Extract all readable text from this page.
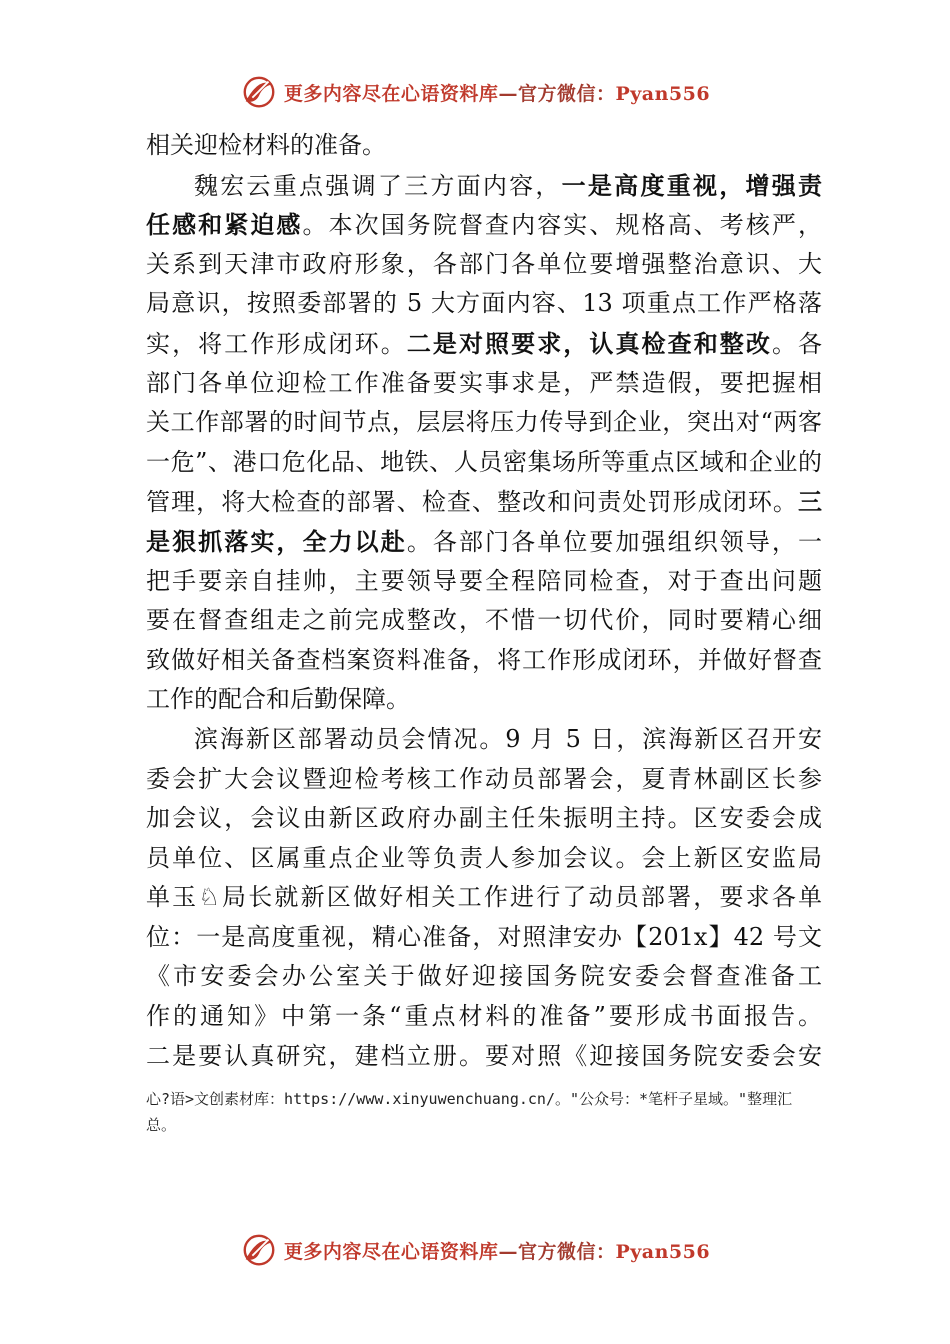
更多内容尽在心语资料库—官方微信：Pyan556
相关迎检材料的准备。
魏宏云重点强调了三方面内容，一是高度重视，增强责
任感和紧迫感。本次国务院督查内容实、规格高、考核严，
关系到天津市政府形象，各部门各单位要增强整治意识、大
局意识，按照委部署的 5 大方面内容、13 项重点工作严格落
实，将工作形成闭环。二是对照要求，认真检查和整改。各
部门各单位迎检工作准备要实事求是，严禁造假，要把握相
关工作部署的时间节点，层层将压力传导到企业，突出对“两客
一危”、港口危化品、地铁、人员密集场所等重点区域和企业的
管理，将大检查的部署、检查、整改和问责处罚形成闭环。三
是狠抓落实，全力以赴。各部门各单位要加强组织领导，一
把手要亲自挂帅，主要领导要全程陪同检查，对于查出问题
要在督查组走之前完成整改，不惜一切代价，同时要精心细
致做好相关备查档案资料准备，将工作形成闭环，并做好督查
工作的配合和后勤保障。
滨海新区部署动员会情况。9 月 5 日，滨海新区召开安
委会扩大会议暨迎检考核工作动员部署会，夏青林副区长参
加会议，会议由新区政府办副主任朱振明主持。区安委会成
员单位、区属重点企业等负责人参加会议。会上新区安监局
单玉♘局长就新区做好相关工作进行了动员部署，要求各单
位：一是高度重视，精心准备，对照津安办【201x】42 号文
《市安委会办公室关于做好迎接国务院安委会督查准备工
作的通知》中第一条“重点材料的准备”要形成书面报告。
二是要认真研究，建档立册。要对照《迎接国务院安委会安
心?语>文创素材库：https://www.xinyuwenchuang.cn/。"公众号：*笔杆子星域。"整理汇
总。
更多内容尽在心语资料库—官方微信：Pyan556
